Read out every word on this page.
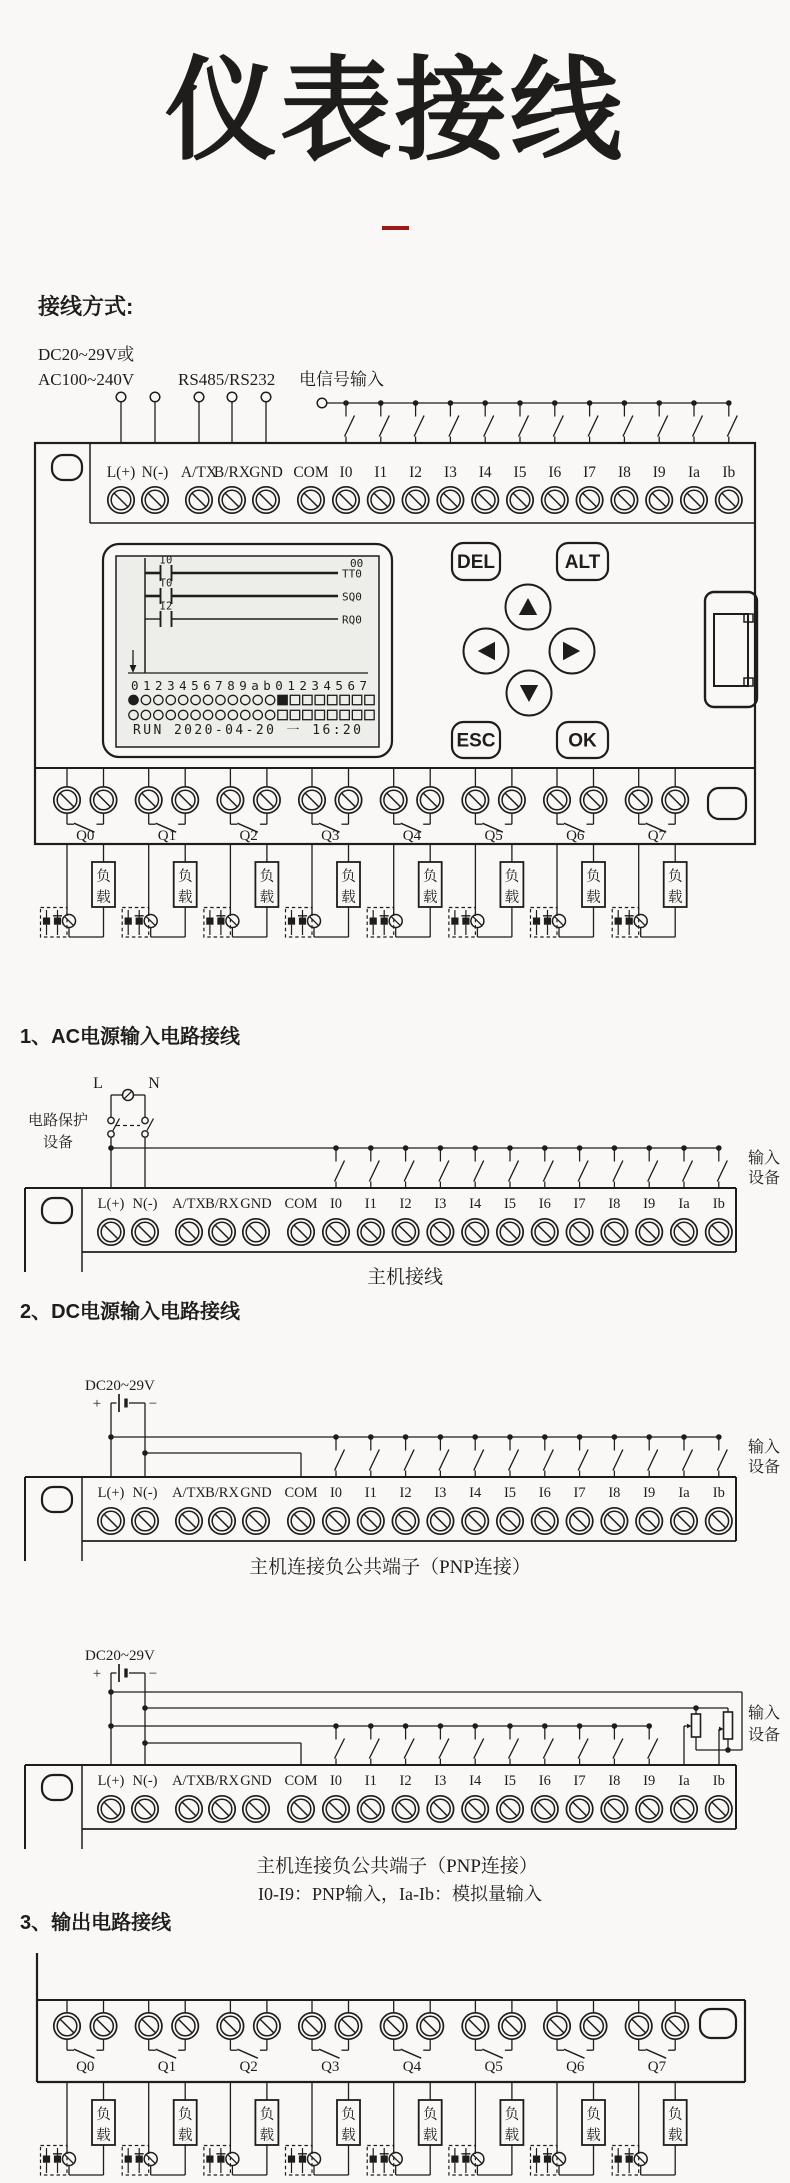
仪表接线
接线方式:
DC20~29V或
AC100~240V	RS485/RS232 电信号输入
L(+) N(-) A/TX
B/RX GND COM I0 I1 I2 I3 I4 I5 I6 I7 I8 I9 Ia Ib
I0
TT0
T0
SQ0
I2
RQ0
00
0123456789ab01234567
RUN 2020-04-20 一 16:20
DEL	ALT
ESC	OK
Q0	Q1	Q2	Q3	Q4	Q5	Q6	Q7
负
载
负
载
负
载
负
载
负
载
负
载
负
载
负
载
1、AC电源输入电路接线
L	N
电路保护
设备
L(+) N(-) A/TX B/RX GND COM I0 I1 I2 I3 I4 I5 I6 I7 I8 I9 Ia Ib
输入
设备
主机接线
2、DC电源输入电路接线
DC20~29V
+	−
L(+) N(-) A/TX B/RX GND COM I0 I1 I2 I3 I4 I5 I6 I7 I8 I9 Ia Ib
输入
设备
主机连接负公共端子（PNP连接）
DC20~29V
+	−
L(+) N(-) A/TX B/RX GND COM I0 I1 I2 I3 I4 I5 I6 I7 I8 I9 Ia Ib
输入
设备
主机连接负公共端子（PNP连接）
I0-I9：PNP输入，Ia-Ib：模拟量输入
3、输出电路接线
Q0	Q1	Q2	Q3	Q4	Q5	Q6	Q7
负
载
负
载
负
载
负
载
负
载
负
载
负
载
负
载
